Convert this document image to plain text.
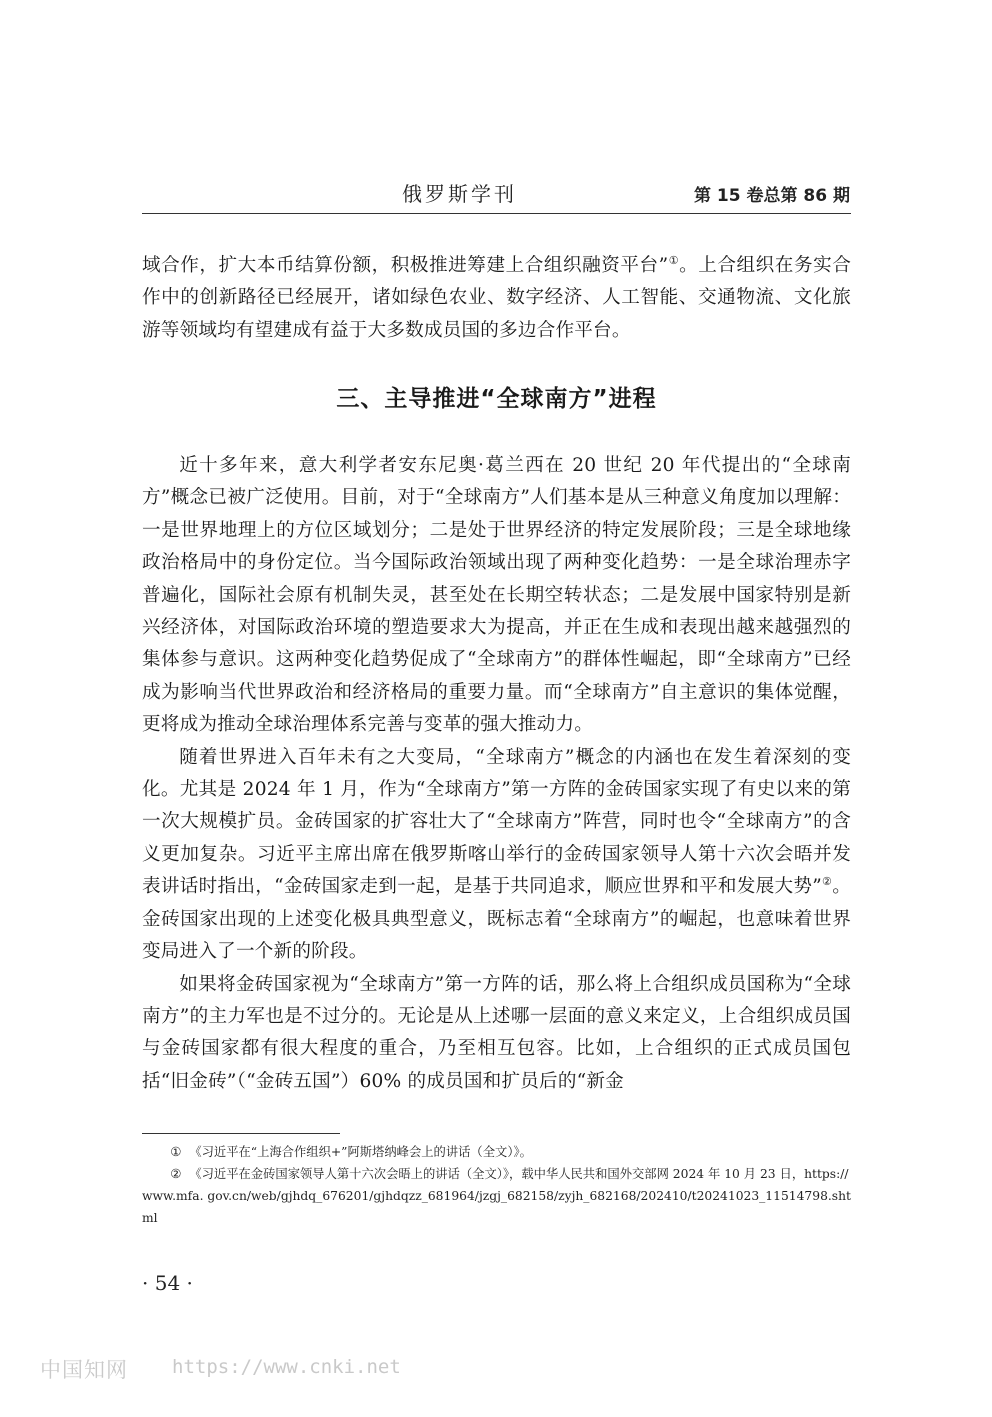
俄罗斯学刊	第 15 卷总第 86 期

域合作，扩大本币结算份额，积极推进筹建上合组织融资平台”①。上合组织在务实合作中的创新路径已经展开，诸如绿色农业、数字经济、人工智能、交通物流、文化旅游等领域均有望建成有益于大多数成员国的多边合作平台。

三、主导推进“全球南方”进程

近十多年来，意大利学者安东尼奥·葛兰西在 20 世纪 20 年代提出的“全球南方”概念已被广泛使用。目前，对于“全球南方”人们基本是从三种意义角度加以理解：一是世界地理上的方位区域划分；二是处于世界经济的特定发展阶段；三是全球地缘政治格局中的身份定位。当今国际政治领域出现了两种变化趋势：一是全球治理赤字普遍化，国际社会原有机制失灵，甚至处在长期空转状态；二是发展中国家特别是新兴经济体，对国际政治环境的塑造要求大为提高，并正在生成和表现出越来越强烈的集体参与意识。这两种变化趋势促成了“全球南方”的群体性崛起，即“全球南方”已经成为影响当代世界政治和经济格局的重要力量。而“全球南方”自主意识的集体觉醒，更将成为推动全球治理体系完善与变革的强大推动力。

随着世界进入百年未有之大变局，“全球南方”概念的内涵也在发生着深刻的变化。尤其是 2024 年 1 月，作为“全球南方”第一方阵的金砖国家实现了有史以来的第一次大规模扩员。金砖国家的扩容壮大了“全球南方”阵营，同时也令“全球南方”的含义更加复杂。习近平主席出席在俄罗斯喀山举行的金砖国家领导人第十六次会晤并发表讲话时指出，“金砖国家走到一起，是基于共同追求，顺应世界和平和发展大势”②。金砖国家出现的上述变化极具典型意义，既标志着“全球南方”的崛起，也意味着世界变局进入了一个新的阶段。

如果将金砖国家视为“全球南方”第一方阵的话，那么将上合组织成员国称为“全球南方”的主力军也是不过分的。无论是从上述哪一层面的意义来定义，上合组织成员国与金砖国家都有很大程度的重合，乃至相互包容。比如，上合组织的正式成员国包括“旧金砖”（“金砖五国”）60% 的成员国和扩员后的“新金

① 《习近平在“上海合作组织+”阿斯塔纳峰会上的讲话（全文）》。

② 《习近平在金砖国家领导人第十六次会晤上的讲话（全文）》，载中华人民共和国外交部网 2024 年 10 月 23 日，https://www.mfa. gov.cn/web/gjhdq_676201/gjhdqzz_681964/jzgj_682158/zyjh_682168/202410/t20241023_11514798.shtml

· 54 ·
中国知网 https://www.cnki.net
